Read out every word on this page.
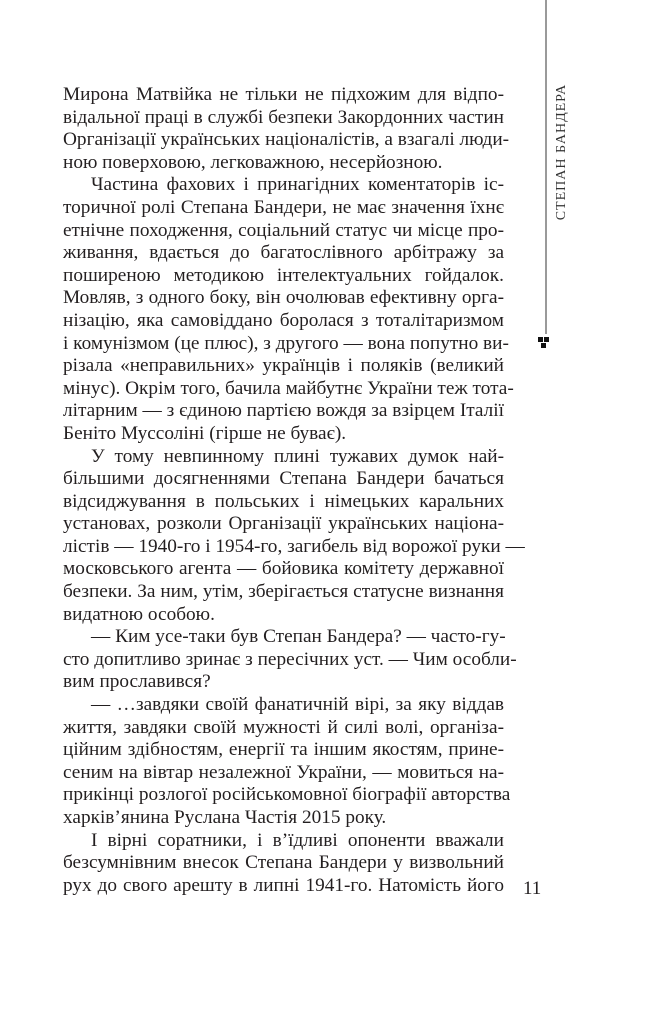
СТЕПАН БАНДЕРА
Мирона Матвійка не тільки не підхожим для відпо-
відальної праці в службі безпеки Закордонних частин
Організації українських націоналістів, а взагалі люди-
ною поверховою, легковажною, несерйозною.
Частина фахових і принагідних коментаторів іс-
торичної ролі Степана Бандери, не має значення їхнє
етнічне походження, соціальний статус чи місце про-
живання, вдається до багатослівного арбітражу за
поширеною методикою інтелектуальних гойдалок.
Мовляв, з одного боку, він очолював ефективну орга-
нізацію, яка самовіддано боролася з тоталітаризмом
і комунізмом (це плюс), з другого — вона попутно ви-
різала «неправильних» українців і поляків (великий
мінус). Окрім того, бачила майбутнє України теж тота-
літарним — з єдиною партією вождя за взірцем Італії
Беніто Муссоліні (гірше не буває).
У тому невпинному плині тужавих думок най-
більшими досягненнями Степана Бандери бачаться
відсиджування в польських і німецьких каральних
установах, розколи Організації українських націона-
лістів — 1940-го і 1954-го, загибель від ворожої руки —
московського агента — бойовика комітету державної
безпеки. За ним, утім, зберігається статусне визнання
видатною особою.
— Ким усе-таки був Степан Бандера? — часто-гу-
сто допитливо зринає з пересічних уст. — Чим особли-
вим прославився?
— …завдяки своїй фанатичній вірі, за яку віддав
життя, завдяки своїй мужності й силі волі, організа-
ційним здібностям, енергії та іншим якостям, прине-
сеним на вівтар незалежної України, — мовиться на-
прикінці розлогої російськомовної біографії авторства
харків’янина Руслана Частія 2015 року.
І вірні соратники, і в’їдливі опоненти вважали
безсумнівним внесок Степана Бандери у визвольний
рух до свого арешту в липні 1941-го. Натомість його 11
